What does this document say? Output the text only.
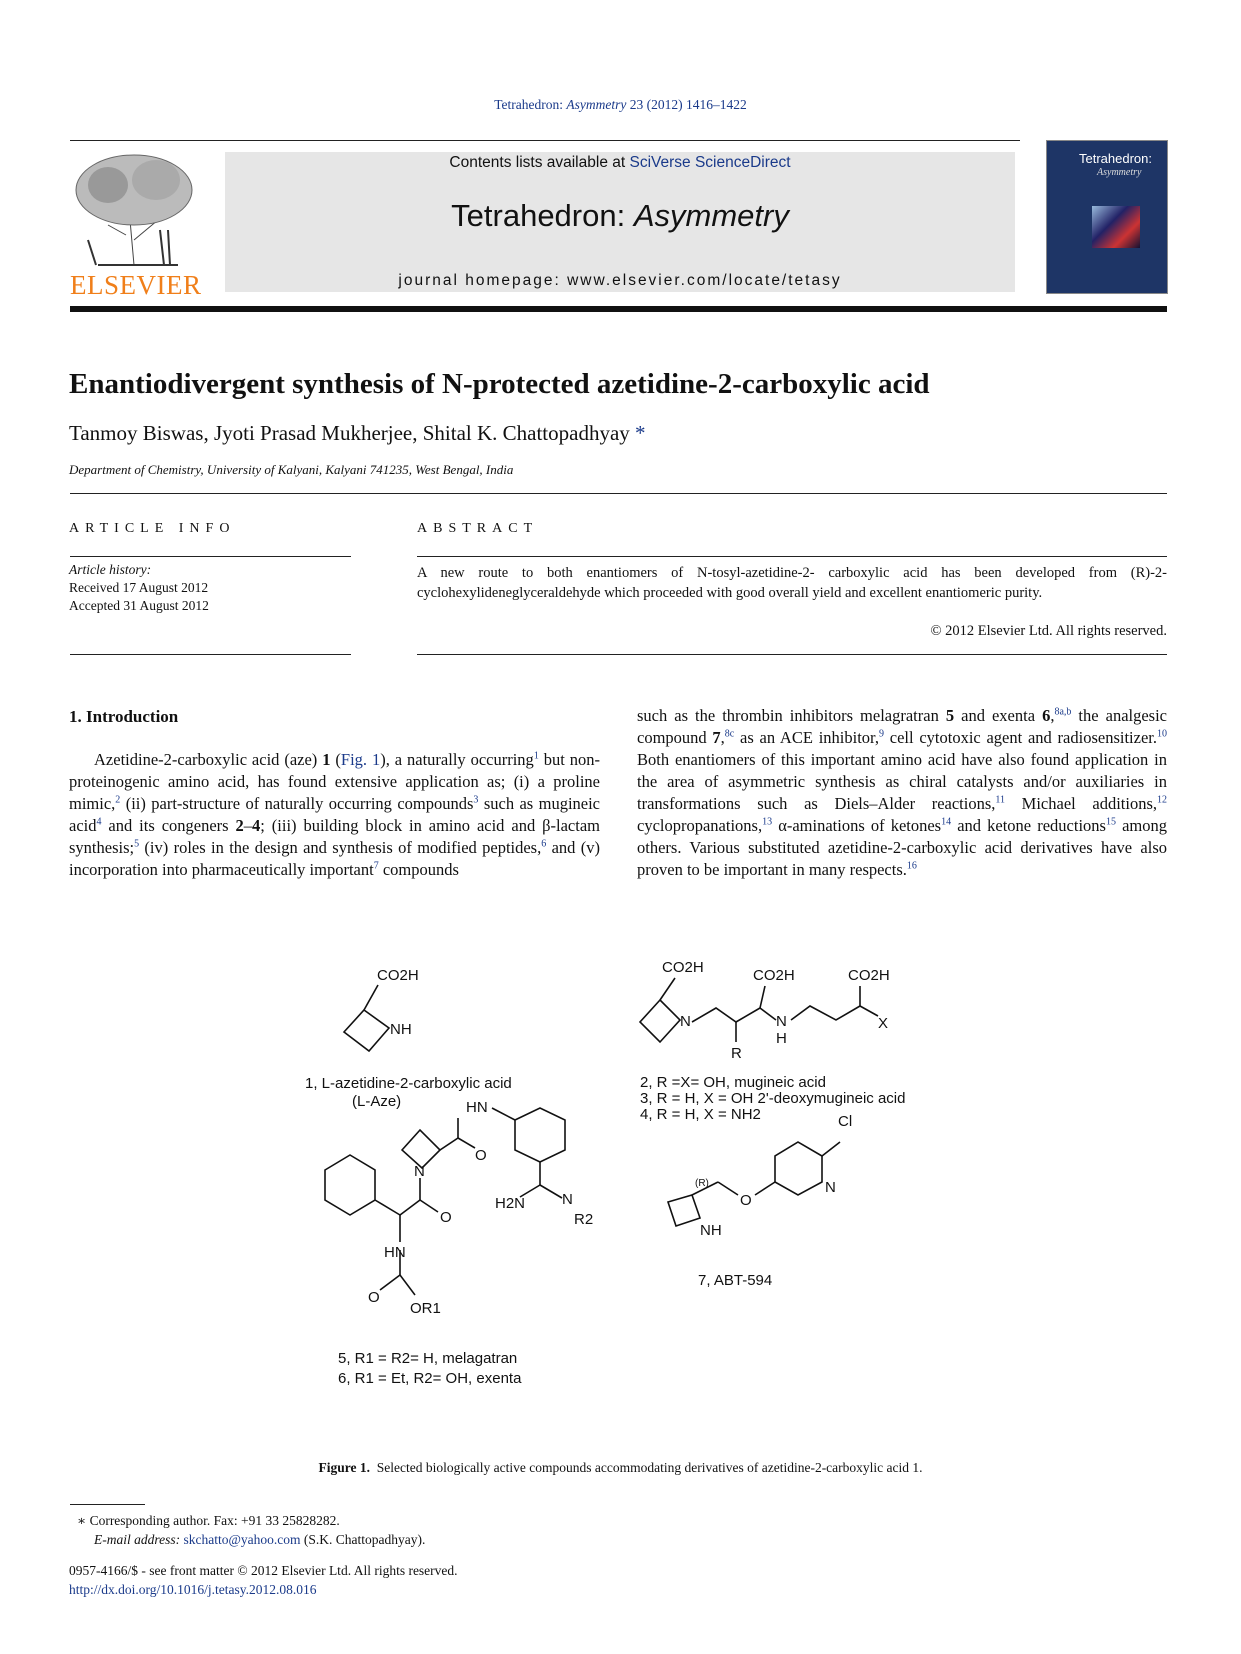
Tetrahedron: Asymmetry 23 (2012) 1416–1422
ELSEVIER
Contents lists available at SciVerse ScienceDirect
Tetrahedron: Asymmetry
journal homepage: www.elsevier.com/locate/tetasy
Tetrahedron:
Asymmetry
Enantiodivergent synthesis of N-protected azetidine-2-carboxylic acid
Tanmoy Biswas, Jyoti Prasad Mukherjee, Shital K. Chattopadhyay *
Department of Chemistry, University of Kalyani, Kalyani 741235, West Bengal, India
ARTICLE INFO
Article history:
Received 17 August 2012
Accepted 31 August 2012
ABSTRACT
A new route to both enantiomers of N-tosyl-azetidine-2- carboxylic acid has been developed from (R)-2-cyclohexylideneglyceraldehyde which proceeded with good overall yield and excellent enantiomeric purity.
© 2012 Elsevier Ltd. All rights reserved.
1. Introduction
Azetidine-2-carboxylic acid (aze) 1 (Fig. 1), a naturally occurring$^1$ but non-proteinogenic amino acid, has found extensive application as; (i) a proline mimic,$^2$ (ii) part-structure of naturally occurring compounds$^3$ such as mugineic acid$^4$ and its congeners 2–4; (iii) building block in amino acid and β-lactam synthesis;$^5$ (iv) roles in the design and synthesis of modified peptides,$^6$ and (v) incorporation into pharmaceutically important$^7$ compounds
such as the thrombin inhibitors melagratran 5 and exenta 6,$^{8a,b}$ the analgesic compound 7,$^{8c}$ as an ACE inhibitor,$^9$ cell cytotoxic agent and radiosensitizer.$^{10}$ Both enantiomers of this important amino acid have also found application in the area of asymmetric synthesis as chiral catalysts and/or auxiliaries in transformations such as Diels–Alder reactions,$^{11}$ Michael additions,$^{12}$ cyclopropanations,$^{13}$ α-aminations of ketones$^{14}$ and ketone reductions$^{15}$ among others. Various substituted azetidine-2-carboxylic acid derivatives have also proven to be important in many respects.$^{16}$
CO2H
NH
1, L-azetidine-2-carboxylic acid
(L-Aze)
CO2H
N
R
CO2H
N
H
CO2H
X
2, R =X= OH, mugineic acid
3, R = H, X = OH 2'-deoxymugineic acid
4, R = H, X = NH2
HN
O
N
O
HN
N
R2
H2N
O
OR1
5, R1 = R2= H, melagatran
6, R1 = Et, R2= OH, exenta
NH
(R)
O
Cl
N
7, ABT-594
Figure 1. Selected biologically active compounds accommodating derivatives of azetidine-2-carboxylic acid 1.
∗ Corresponding author. Fax: +91 33 25828282.
E-mail address: skchatto@yahoo.com (S.K. Chattopadhyay).
0957-4166/$ - see front matter © 2012 Elsevier Ltd. All rights reserved.
http://dx.doi.org/10.1016/j.tetasy.2012.08.016
